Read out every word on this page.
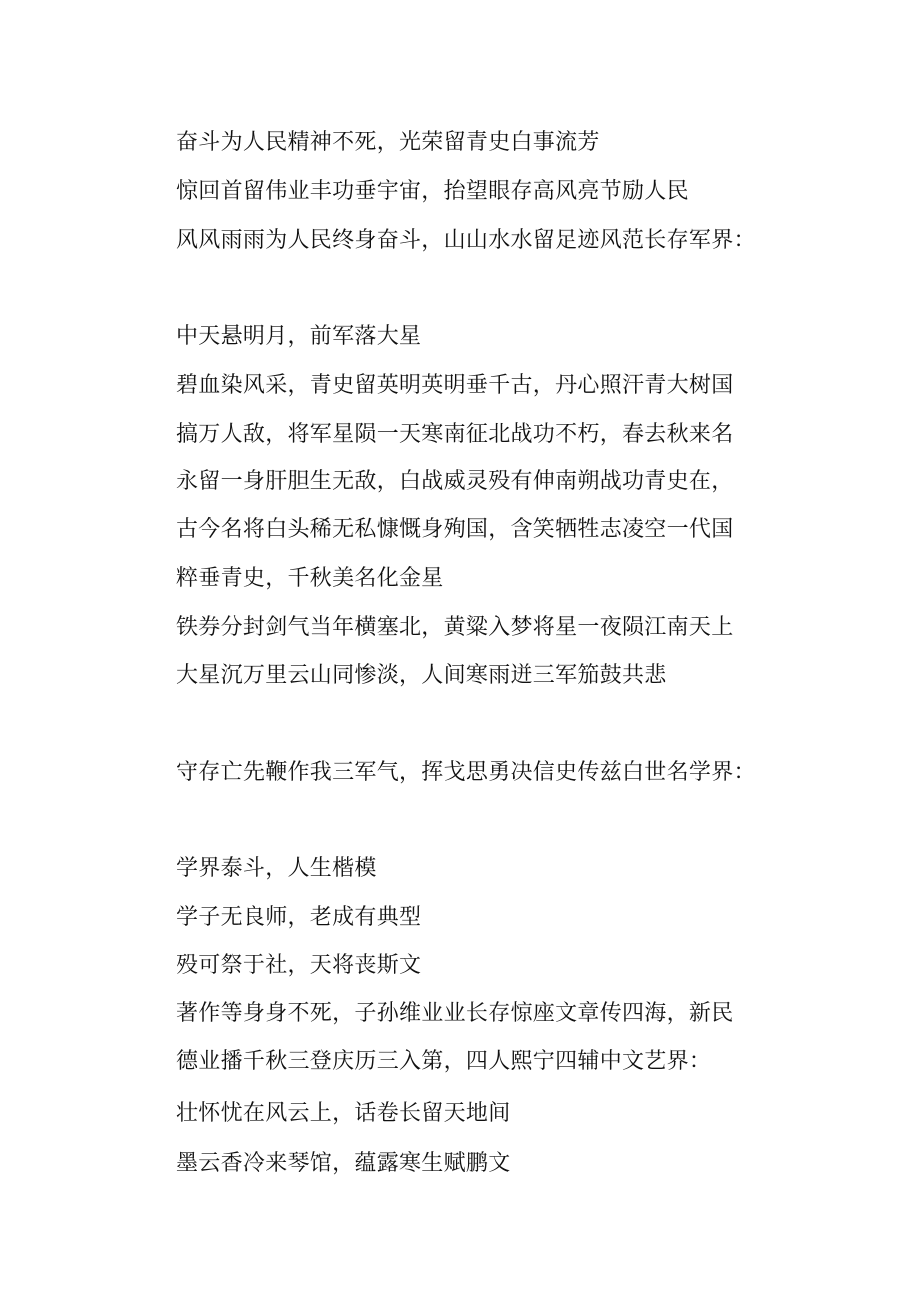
奋斗为人民精神不死，光荣留青史白事流芳
惊回首留伟业丰功垂宇宙，抬望眼存高风亮节励人民
风风雨雨为人民终身奋斗，山山水水留足迹风范长存军界：
中天悬明月，前军落大星
碧血染风采，青史留英明英明垂千古，丹心照汗青大树国
搞万人敌，将军星陨一天寒南征北战功不朽，春去秋来名
永留一身肝胆生无敌，白战威灵殁有伸南朔战功青史在，
古今名将白头稀无私慷慨身殉国，含笑牺牲志凌空一代国
粹垂青史，千秋美名化金星
铁券分封剑气当年横塞北，黄粱入梦将星一夜陨江南天上
大星沉万里云山同惨淡，人间寒雨迸三军笳鼓共悲
守存亡先鞭作我三军气，挥戈思勇决信史传兹白世名学界：
学界泰斗，人生楷模
学子无良师，老成有典型
殁可祭于社，天将丧斯文
著作等身身不死，子孙维业业长存惊座文章传四海，新民
德业播千秋三登庆历三入第，四人熙宁四辅中文艺界：
壮怀忧在风云上，话卷长留天地间
墨云香冷来琴馆，蕴露寒生赋鹏文
